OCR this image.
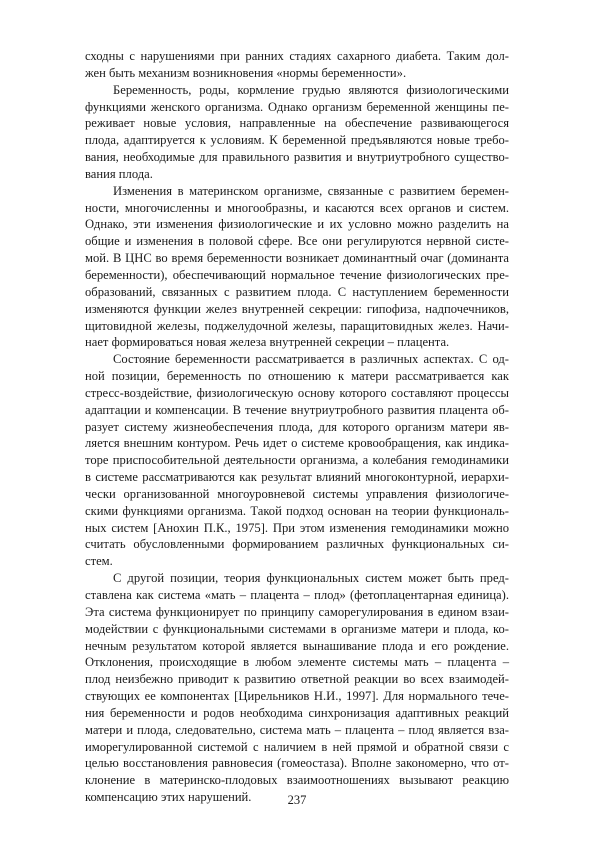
сходны с нарушениями при ранних стадиях сахарного диабета. Таким дол-
жен быть механизм возникновения «нормы беременности».
Беременность, роды, кормление грудью являются физиологическими
функциями женского организма. Однако организм беременной женщины пе-
реживает новые условия, направленные на обеспечение развивающегося
плода, адаптируется к условиям. К беременной предъявляются новые требо-
вания, необходимые для правильного развития и внутриутробного существо-
вания плода.
Изменения в материнском организме, связанные с развитием беремен-
ности, многочисленны и многообразны, и касаются всех органов и систем.
Однако, эти изменения физиологические и их условно можно разделить на
общие и изменения в половой сфере. Все они регулируются нервной систе-
мой. В ЦНС во время беременности возникает доминантный очаг (доминанта
беременности), обеспечивающий нормальное течение физиологических пре-
образований, связанных с развитием плода. С наступлением беременности
изменяются функции желез внутренней секреции: гипофиза, надпочечников,
щитовидной железы, поджелудочной железы, паращитовидных желез. Начи-
нает формироваться новая железа внутренней секреции – плацента.
Состояние беременности рассматривается в различных аспектах. С од-
ной позиции, беременность по отношению к матери рассматривается как
стресс-воздействие, физиологическую основу которого составляют процессы
адаптации и компенсации. В течение внутриутробного развития плацента об-
разует систему жизнеобеспечения плода, для которого организм матери яв-
ляется внешним контуром. Речь идет о системе кровообращения, как индика-
торе приспособительной деятельности организма, а колебания гемодинамики
в системе рассматриваются как результат влияний многоконтурной, иерархи-
чески организованной многоуровневой системы управления физиологиче-
скими функциями организма. Такой подход основан на теории функциональ-
ных систем [Анохин П.К., 1975]. При этом изменения гемодинамики можно
считать обусловленными формированием различных функциональных си-
стем.
С другой позиции, теория функциональных систем может быть пред-
ставлена как система «мать – плацента – плод» (фетоплацентарная единица).
Эта система функционирует по принципу саморегулирования в едином взаи-
модействии с функциональными системами в организме матери и плода, ко-
нечным результатом которой является вынашивание плода и его рождение.
Отклонения, происходящие в любом элементе системы мать – плацента –
плод неизбежно приводит к развитию ответной реакции во всех взаимодей-
ствующих ее компонентах [Цирельников Н.И., 1997]. Для нормального тече-
ния беременности и родов необходима синхронизация адаптивных реакций
матери и плода, следовательно, система мать – плацента – плод является вза-
иморегулированной системой с наличием в ней прямой и обратной связи с
целью восстановления равновесия (гомеостаза). Вполне закономерно, что от-
клонение в материнско-плодовых взаимоотношениях вызывают реакцию
компенсацию этих нарушений.	237
